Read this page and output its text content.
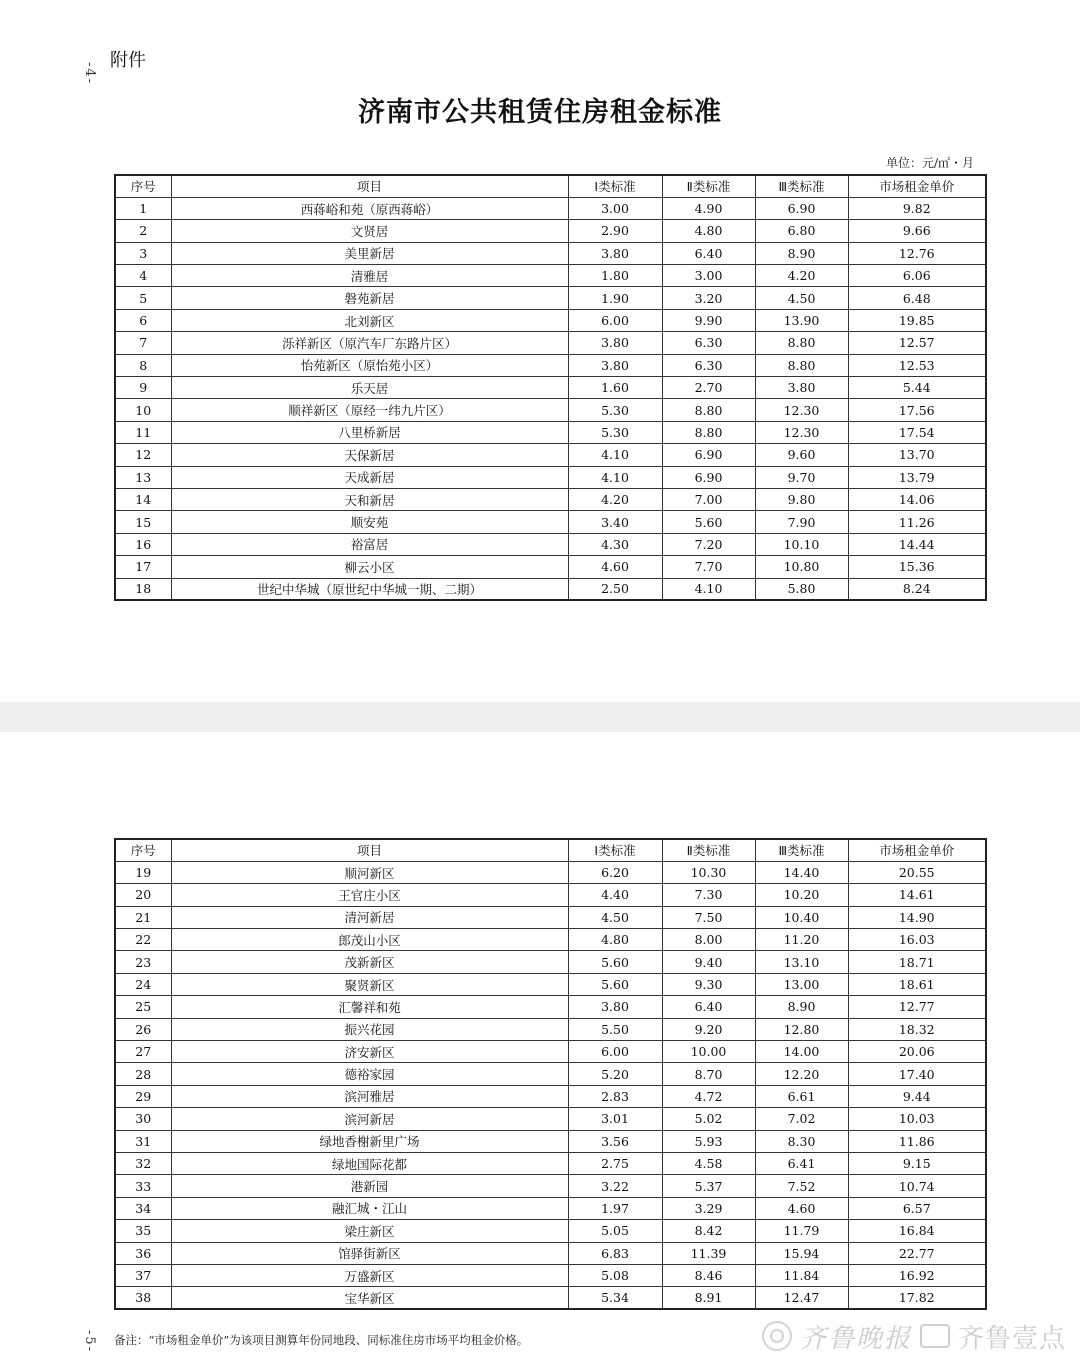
附件
-4-
济南市公共租赁住房租金标准
单位：元/㎡・月
序号	项目	Ⅰ类标准	Ⅱ类标准	Ⅲ类标准	市场租金单价
1	西蒋峪和苑（原西蒋峪）	3.00	4.90	6.90	9.82
2	文贤居	2.90	4.80	6.80	9.66
3	美里新居	3.80	6.40	8.90	12.76
4	清雅居	1.80	3.00	4.20	6.06
5	磐苑新居	1.90	3.20	4.50	6.48
6	北刘新区	6.00	9.90	13.90	19.85
7	泺祥新区（原汽车厂东路片区）	3.80	6.30	8.80	12.57
8	怡苑新区（原怡苑小区）	3.80	6.30	8.80	12.53
9	乐天居	1.60	2.70	3.80	5.44
10	顺祥新区（原经一纬九片区）	5.30	8.80	12.30	17.56
11	八里桥新居	5.30	8.80	12.30	17.54
12	天保新居	4.10	6.90	9.60	13.70
13	天成新居	4.10	6.90	9.70	13.79
14	天和新居	4.20	7.00	9.80	14.06
15	顺安苑	3.40	5.60	7.90	11.26
16	裕富居	4.30	7.20	10.10	14.44
17	柳云小区	4.60	7.70	10.80	15.36
18	世纪中华城（原世纪中华城一期、二期）	2.50	4.10	5.80	8.24
序号	项目	Ⅰ类标准	Ⅱ类标准	Ⅲ类标准	市场租金单价
19	顺河新区	6.20	10.30	14.40	20.55
20	王官庄小区	4.40	7.30	10.20	14.61
21	清河新居	4.50	7.50	10.40	14.90
22	郎茂山小区	4.80	8.00	11.20	16.03
23	茂新新区	5.60	9.40	13.10	18.71
24	聚贤新区	5.60	9.30	13.00	18.61
25	汇馨祥和苑	3.80	6.40	8.90	12.77
26	振兴花园	5.50	9.20	12.80	18.32
27	济安新区	6.00	10.00	14.00	20.06
28	德裕家园	5.20	8.70	12.20	17.40
29	滨河雅居	2.83	4.72	6.61	9.44
30	滨河新居	3.01	5.02	7.02	10.03
31	绿地香榭新里广场	3.56	5.93	8.30	11.86
32	绿地国际花都	2.75	4.58	6.41	9.15
33	港新园	3.22	5.37	7.52	10.74
34	融汇城・江山	1.97	3.29	4.60	6.57
35	梁庄新区	5.05	8.42	11.79	16.84
36	馆驿街新区	6.83	11.39	15.94	22.77
37	万盛新区	5.08	8.46	11.84	16.92
38	宝华新区	5.34	8.91	12.47	17.82
备注：“市场租金单价”为该项目测算年份同地段、同标准住房市场平均租金价格。
-5-	齐鲁晚报 齐鲁壹点
